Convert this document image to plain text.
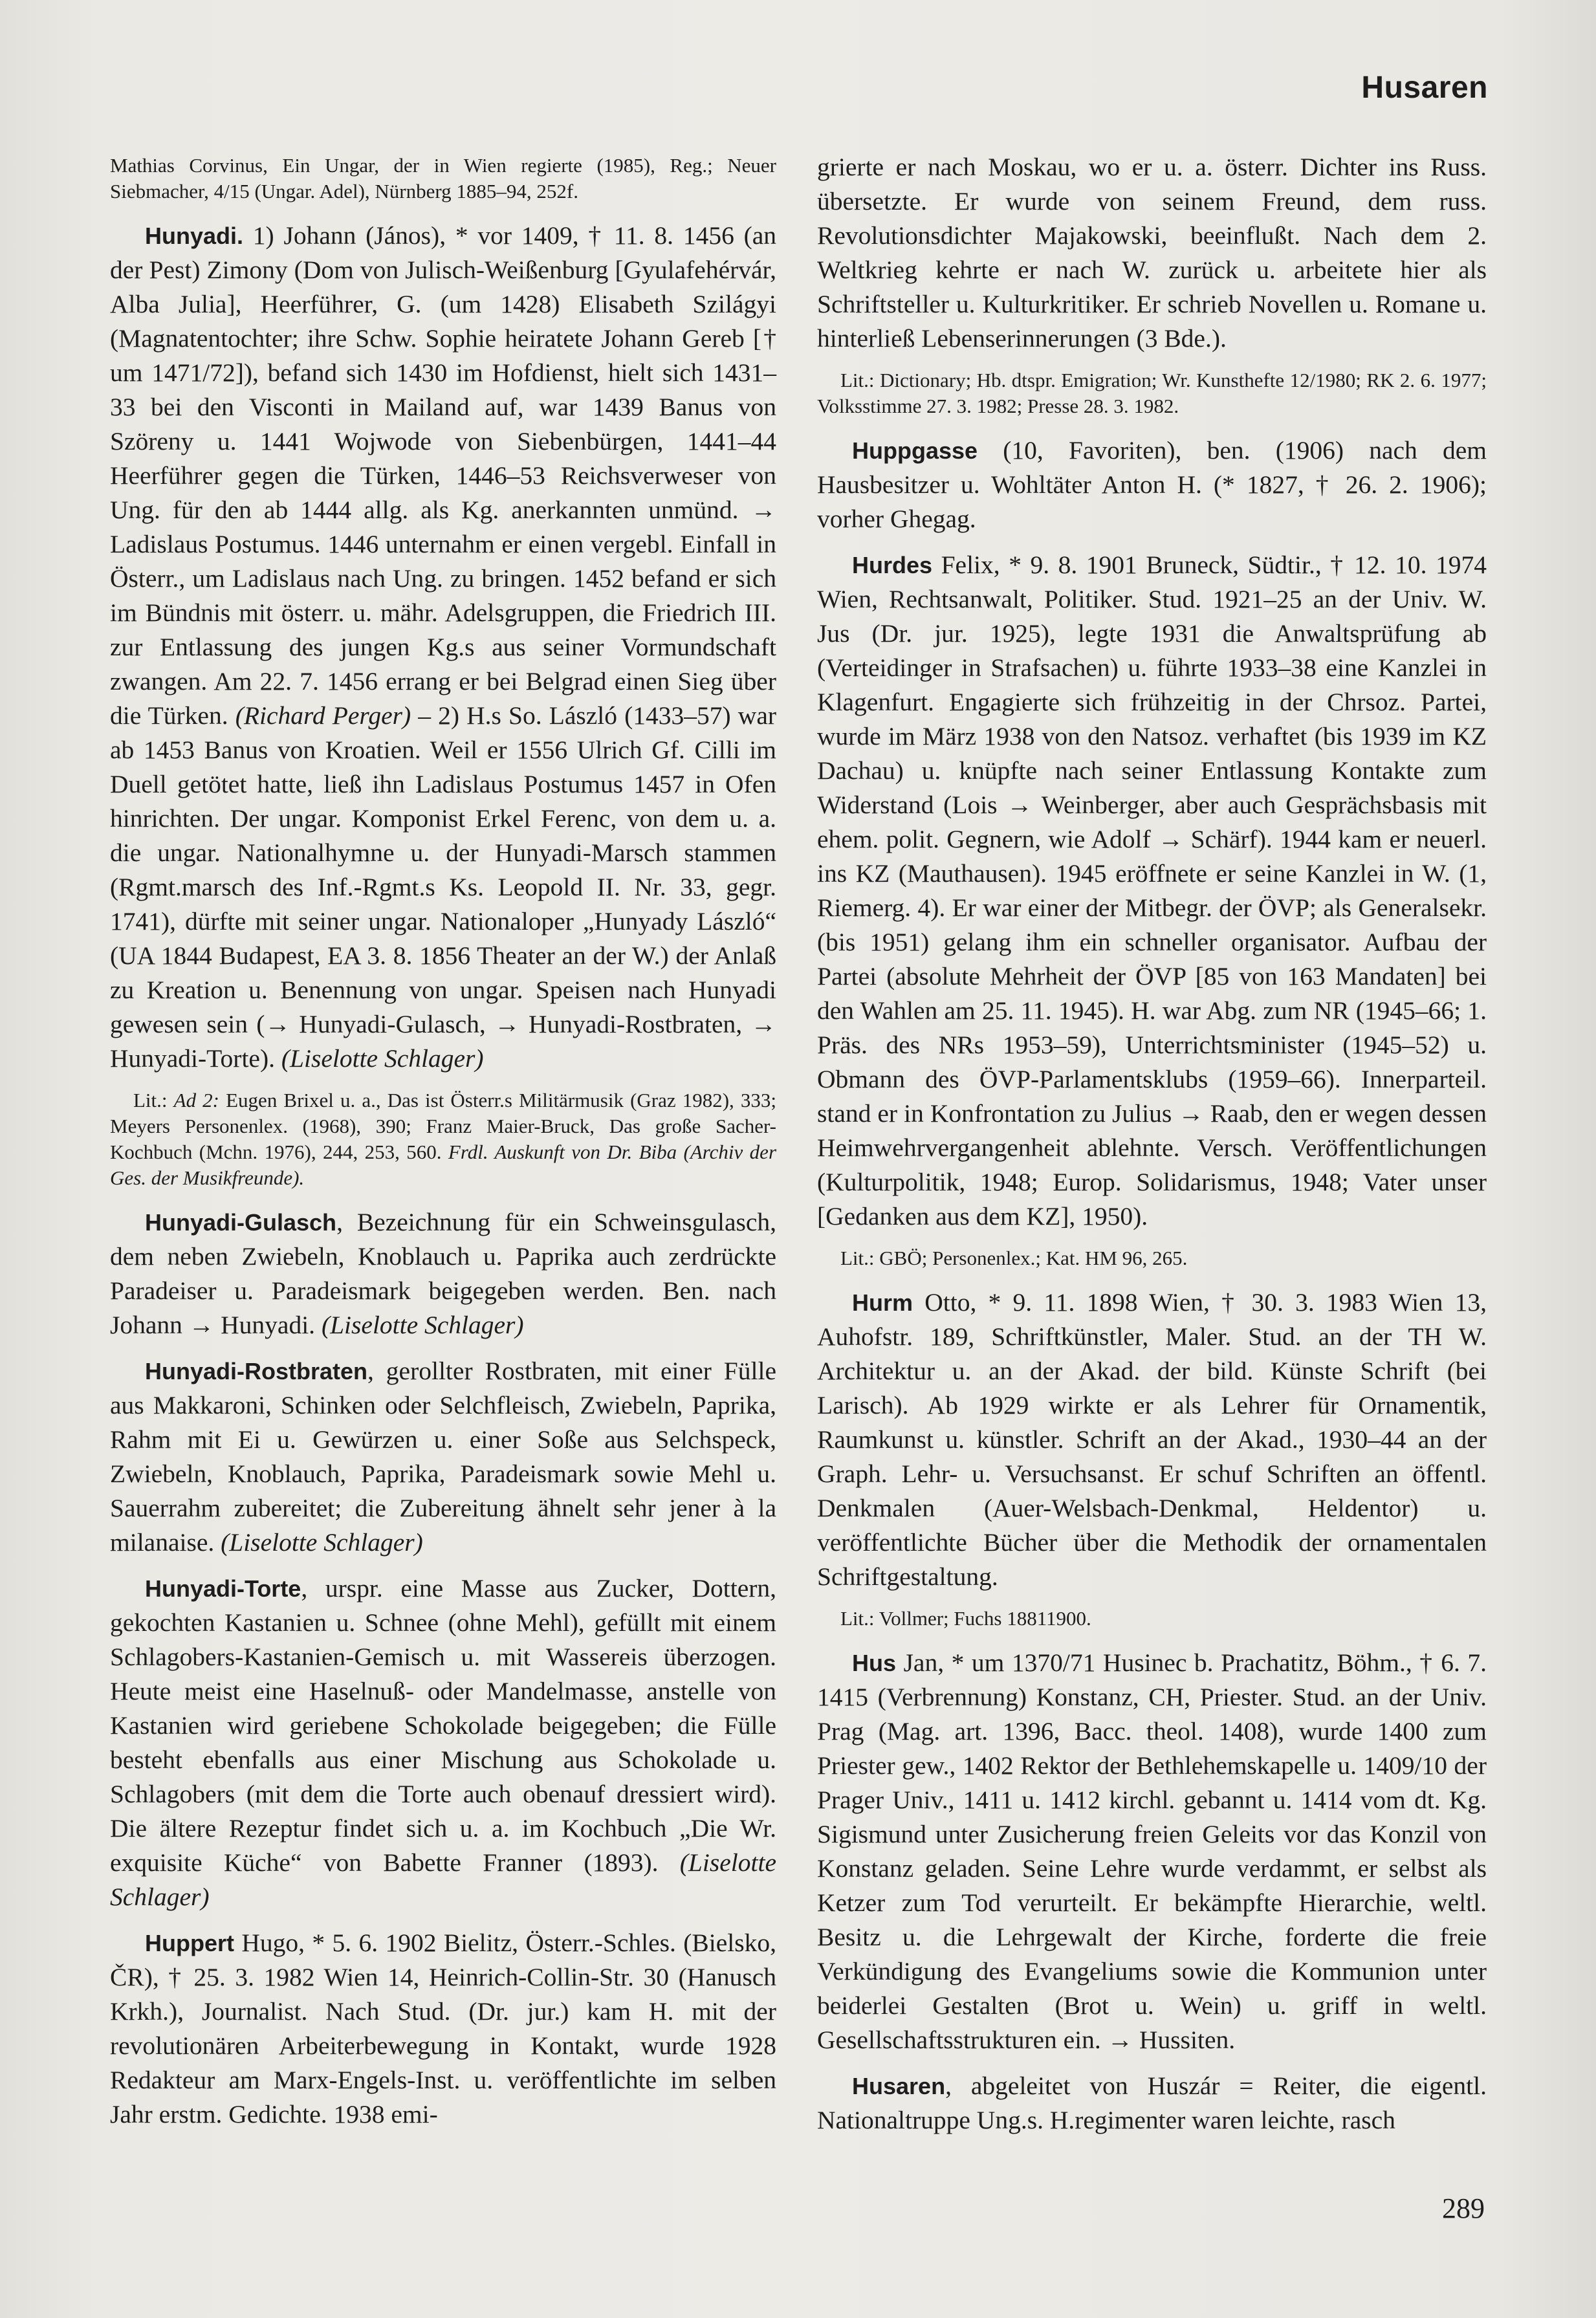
Husaren

Mathias Corvinus, Ein Ungar, der in Wien regierte (1985), Reg.; Neuer Siebmacher, 4/15 (Ungar. Adel), Nürnberg 1885–94, 252f.

Hunyadi. 1) Johann (János), * vor 1409, † 11. 8. 1456 (an der Pest) Zimony (Dom von Julisch-Weißenburg [Gyulafehérvár, Alba Julia], Heerführer, G. (um 1428) Elisabeth Szilágyi (Magnatentochter; ihre Schw. Sophie heiratete Johann Gereb [† um 1471/72]), befand sich 1430 im Hofdienst, hielt sich 1431–33 bei den Visconti in Mailand auf, war 1439 Banus von Szöreny u. 1441 Wojwode von Siebenbürgen, 1441–44 Heerführer gegen die Türken, 1446–53 Reichsverweser von Ung. für den ab 1444 allg. als Kg. anerkannten unmünd. → Ladislaus Postumus. 1446 unternahm er einen vergebl. Einfall in Österr., um Ladislaus nach Ung. zu bringen. 1452 befand er sich im Bündnis mit österr. u. mähr. Adelsgruppen, die Friedrich III. zur Entlassung des jungen Kg.s aus seiner Vormundschaft zwangen. Am 22. 7. 1456 errang er bei Belgrad einen Sieg über die Türken. (Richard Perger) – 2) H.s So. László (1433–57) war ab 1453 Banus von Kroatien. Weil er 1556 Ulrich Gf. Cilli im Duell getötet hatte, ließ ihn Ladislaus Postumus 1457 in Ofen hinrichten. Der ungar. Komponist Erkel Ferenc, von dem u. a. die ungar. Nationalhymne u. der Hunyadi-Marsch stammen (Rgmt.marsch des Inf.-Rgmt.s Ks. Leopold II. Nr. 33, gegr. 1741), dürfte mit seiner ungar. Nationaloper „Hunyady László“ (UA 1844 Budapest, EA 3. 8. 1856 Theater an der W.) der Anlaß zu Kreation u. Benennung von ungar. Speisen nach Hunyadi gewesen sein (→ Hunyadi-Gulasch, → Hunyadi-Rostbraten, → Hunyadi-Torte). (Liselotte Schlager)

Lit.: Ad 2: Eugen Brixel u. a., Das ist Österr.s Militärmusik (Graz 1982), 333; Meyers Personenlex. (1968), 390; Franz Maier-Bruck, Das große Sacher-Kochbuch (Mchn. 1976), 244, 253, 560. Frdl. Auskunft von Dr. Biba (Archiv der Ges. der Musikfreunde).

Hunyadi-Gulasch, Bezeichnung für ein Schweinsgulasch, dem neben Zwiebeln, Knoblauch u. Paprika auch zerdrückte Paradeiser u. Paradeismark beigegeben werden. Ben. nach Johann → Hunyadi. (Liselotte Schlager)

Hunyadi-Rostbraten, gerollter Rostbraten, mit einer Fülle aus Makkaroni, Schinken oder Selchfleisch, Zwiebeln, Paprika, Rahm mit Ei u. Gewürzen u. einer Soße aus Selchspeck, Zwiebeln, Knoblauch, Paprika, Paradeismark sowie Mehl u. Sauerrahm zubereitet; die Zubereitung ähnelt sehr jener à la milanaise. (Liselotte Schlager)

Hunyadi-Torte, urspr. eine Masse aus Zucker, Dottern, gekochten Kastanien u. Schnee (ohne Mehl), gefüllt mit einem Schlagobers-Kastanien-Gemisch u. mit Wassereis überzogen. Heute meist eine Haselnuß- oder Mandelmasse, anstelle von Kastanien wird geriebene Schokolade beigegeben; die Fülle besteht ebenfalls aus einer Mischung aus Schokolade u. Schlagobers (mit dem die Torte auch obenauf dressiert wird). Die ältere Rezeptur findet sich u. a. im Kochbuch „Die Wr. exquisite Küche“ von Babette Franner (1893). (Liselotte Schlager)

Huppert Hugo, * 5. 6. 1902 Bielitz, Österr.-Schles. (Bielsko, ČR), † 25. 3. 1982 Wien 14, Heinrich-Collin-Str. 30 (Hanusch Krkh.), Journalist. Nach Stud. (Dr. jur.) kam H. mit der revolutionären Arbeiterbewegung in Kontakt, wurde 1928 Redakteur am Marx-Engels-Inst. u. veröffentlichte im selben Jahr erstm. Gedichte. 1938 emi-

grierte er nach Moskau, wo er u. a. österr. Dichter ins Russ. übersetzte. Er wurde von seinem Freund, dem russ. Revolutionsdichter Majakowski, beeinflußt. Nach dem 2. Weltkrieg kehrte er nach W. zurück u. arbeitete hier als Schriftsteller u. Kulturkritiker. Er schrieb Novellen u. Romane u. hinterließ Lebenserinnerungen (3 Bde.).

Lit.: Dictionary; Hb. dtspr. Emigration; Wr. Kunsthefte 12/1980; RK 2. 6. 1977; Volksstimme 27. 3. 1982; Presse 28. 3. 1982.

Huppgasse (10, Favoriten), ben. (1906) nach dem Hausbesitzer u. Wohltäter Anton H. (* 1827, † 26. 2. 1906); vorher Ghegag.

Hurdes Felix, * 9. 8. 1901 Bruneck, Südtir., † 12. 10. 1974 Wien, Rechtsanwalt, Politiker. Stud. 1921–25 an der Univ. W. Jus (Dr. jur. 1925), legte 1931 die Anwaltsprüfung ab (Verteidinger in Strafsachen) u. führte 1933–38 eine Kanzlei in Klagenfurt. Engagierte sich frühzeitig in der Chrsoz. Partei, wurde im März 1938 von den Natsoz. verhaftet (bis 1939 im KZ Dachau) u. knüpfte nach seiner Entlassung Kontakte zum Widerstand (Lois → Weinberger, aber auch Gesprächsbasis mit ehem. polit. Gegnern, wie Adolf → Schärf). 1944 kam er neuerl. ins KZ (Mauthausen). 1945 eröffnete er seine Kanzlei in W. (1, Riemerg. 4). Er war einer der Mitbegr. der ÖVP; als Generalsekr. (bis 1951) gelang ihm ein schneller organisator. Aufbau der Partei (absolute Mehrheit der ÖVP [85 von 163 Mandaten] bei den Wahlen am 25. 11. 1945). H. war Abg. zum NR (1945–66; 1. Präs. des NRs 1953–59), Unterrichtsminister (1945–52) u. Obmann des ÖVP-Parlamentsklubs (1959–66). Innerparteil. stand er in Konfrontation zu Julius → Raab, den er wegen dessen Heimwehrvergangenheit ablehnte. Versch. Veröffentlichungen (Kulturpolitik, 1948; Europ. Solidarismus, 1948; Vater unser [Gedanken aus dem KZ], 1950).

Lit.: GBÖ; Personenlex.; Kat. HM 96, 265.

Hurm Otto, * 9. 11. 1898 Wien, † 30. 3. 1983 Wien 13, Auhofstr. 189, Schriftkünstler, Maler. Stud. an der TH W. Architektur u. an der Akad. der bild. Künste Schrift (bei Larisch). Ab 1929 wirkte er als Lehrer für Ornamentik, Raumkunst u. künstler. Schrift an der Akad., 1930–44 an der Graph. Lehr- u. Versuchsanst. Er schuf Schriften an öffentl. Denkmalen (Auer-Welsbach-Denkmal, Heldentor) u. veröffentlichte Bücher über die Methodik der ornamentalen Schriftgestaltung.

Lit.: Vollmer; Fuchs 18811900.

Hus Jan, * um 1370/71 Husinec b. Prachatitz, Böhm., † 6. 7. 1415 (Verbrennung) Konstanz, CH, Priester. Stud. an der Univ. Prag (Mag. art. 1396, Bacc. theol. 1408), wurde 1400 zum Priester gew., 1402 Rektor der Bethlehemskapelle u. 1409/10 der Prager Univ., 1411 u. 1412 kirchl. gebannt u. 1414 vom dt. Kg. Sigismund unter Zusicherung freien Geleits vor das Konzil von Konstanz geladen. Seine Lehre wurde verdammt, er selbst als Ketzer zum Tod verurteilt. Er bekämpfte Hierarchie, weltl. Besitz u. die Lehrgewalt der Kirche, forderte die freie Verkündigung des Evangeliums sowie die Kommunion unter beiderlei Gestalten (Brot u. Wein) u. griff in weltl. Gesellschaftsstrukturen ein. → Hussiten.

Husaren, abgeleitet von Huszár = Reiter, die eigentl. Nationaltruppe Ung.s. H.regimenter waren leichte, rasch

289
